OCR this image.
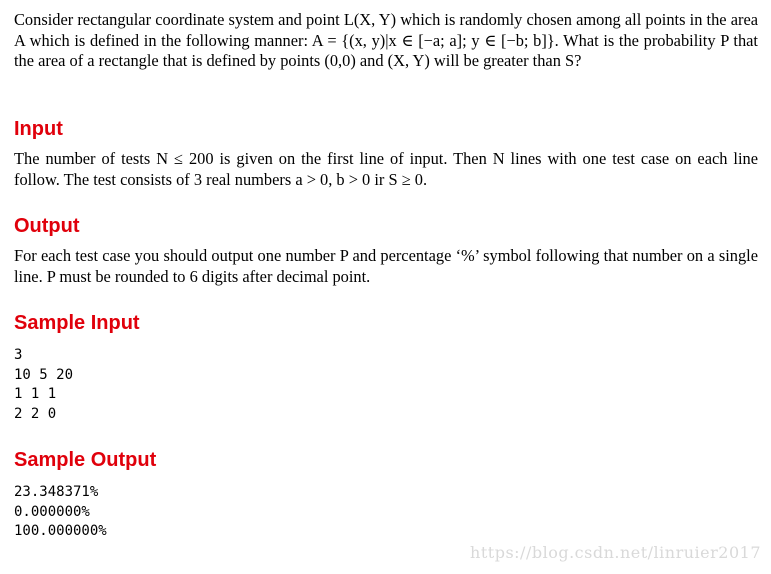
Consider rectangular coordinate system and point L(X, Y) which is randomly chosen among all points in the area A which is defined in the following manner: A = {(x, y)|x ∈ [−a; a]; y ∈ [−b; b]}. What is the probability P that the area of a rectangle that is defined by points (0,0) and (X, Y) will be greater than S?

Input

The number of tests N ≤ 200 is given on the first line of input. Then N lines with one test case on each line follow. The test consists of 3 real numbers a > 0, b > 0 ir S ≥ 0.

Output

For each test case you should output one number P and percentage ‘%’ symbol following that number on a single line. P must be rounded to 6 digits after decimal point.

Sample Input
3
10 5 20
1 1 1
2 2 0
Sample Output
23.348371%
0.000000%
100.000000%
https://blog.csdn.net/linruier2017
